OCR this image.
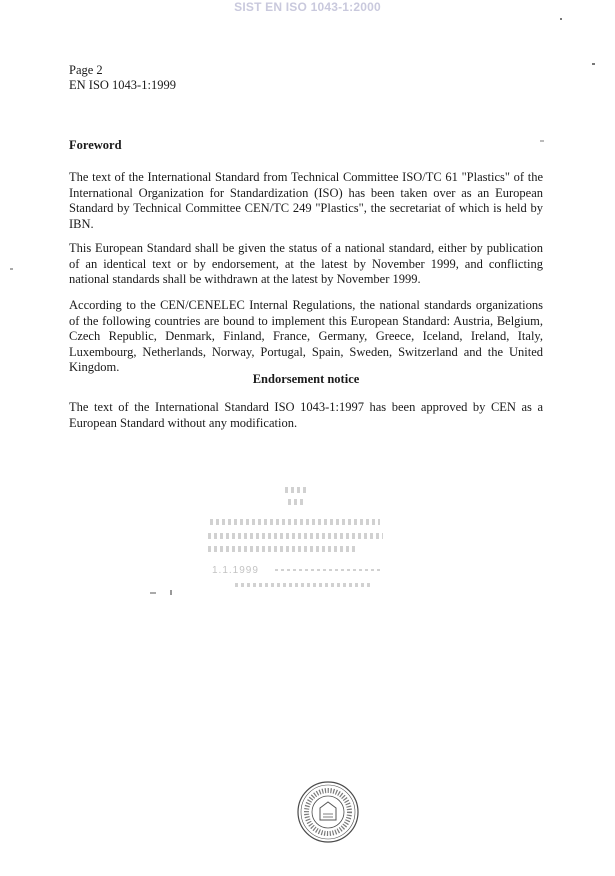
SIST EN ISO 1043-1:2000
Page 2
EN ISO 1043-1:1999
Foreword

The text of the International Standard from Technical Committee ISO/TC 61 "Plastics" of the International Organization for Standardization (ISO) has been taken over as an European Standard by Technical Committee CEN/TC 249 "Plastics", the secretariat of which is held by IBN.

This European Standard shall be given the status of a national standard, either by publication of an identical text or by endorsement, at the latest by November 1999, and conflicting national standards shall be withdrawn at the latest by November 1999.

According to the CEN/CENELEC Internal Regulations, the national standards organizations of the following countries are bound to implement this European Standard: Austria, Belgium, Czech Republic, Denmark, Finland, France, Germany, Greece, Iceland, Ireland, Italy, Luxembourg, Netherlands, Norway, Portugal, Spain, Sweden, Switzerland and the United Kingdom.

Endorsement notice

The text of the International Standard ISO 1043-1:1997 has been approved by CEN as a European Standard without any modification.

1.1.1999
